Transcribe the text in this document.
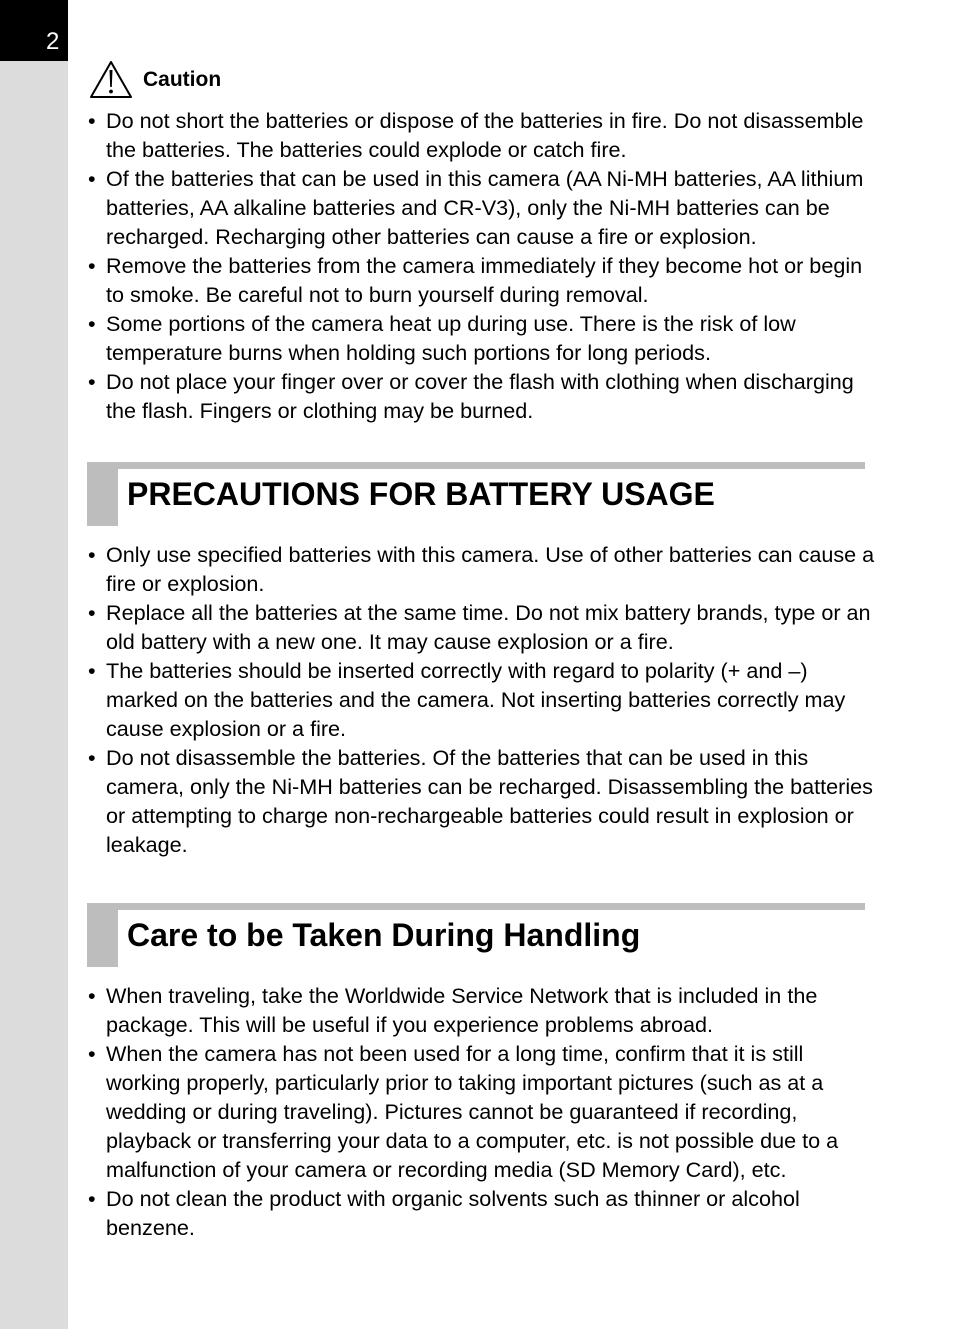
2
Caution
• Do not short the batteries or dispose of the batteries in fire. Do not disassemble the batteries. The batteries could explode or catch fire.
• Of the batteries that can be used in this camera (AA Ni-MH batteries, AA lithium batteries, AA alkaline batteries and CR-V3), only the Ni-MH batteries can be recharged. Recharging other batteries can cause a fire or explosion.
• Remove the batteries from the camera immediately if they become hot or begin to smoke. Be careful not to burn yourself during removal.
• Some portions of the camera heat up during use. There is the risk of low temperature burns when holding such portions for long periods.
• Do not place your finger over or cover the flash with clothing when discharging the flash. Fingers or clothing may be burned.
PRECAUTIONS FOR BATTERY USAGE
• Only use specified batteries with this camera. Use of other batteries can cause a fire or explosion.
• Replace all the batteries at the same time. Do not mix battery brands, type or an old battery with a new one. It may cause explosion or a fire.
• The batteries should be inserted correctly with regard to polarity (+ and –) marked on the batteries and the camera. Not inserting batteries correctly may cause explosion or a fire.
• Do not disassemble the batteries. Of the batteries that can be used in this camera, only the Ni-MH batteries can be recharged. Disassembling the batteries or attempting to charge non-rechargeable batteries could result in explosion or leakage.
Care to be Taken During Handling
• When traveling, take the Worldwide Service Network that is included in the package. This will be useful if you experience problems abroad.
• When the camera has not been used for a long time, confirm that it is still working properly, particularly prior to taking important pictures (such as at a wedding or during traveling). Pictures cannot be guaranteed if recording, playback or transferring your data to a computer, etc. is not possible due to a malfunction of your camera or recording media (SD Memory Card), etc.
• Do not clean the product with organic solvents such as thinner or alcohol benzene.
